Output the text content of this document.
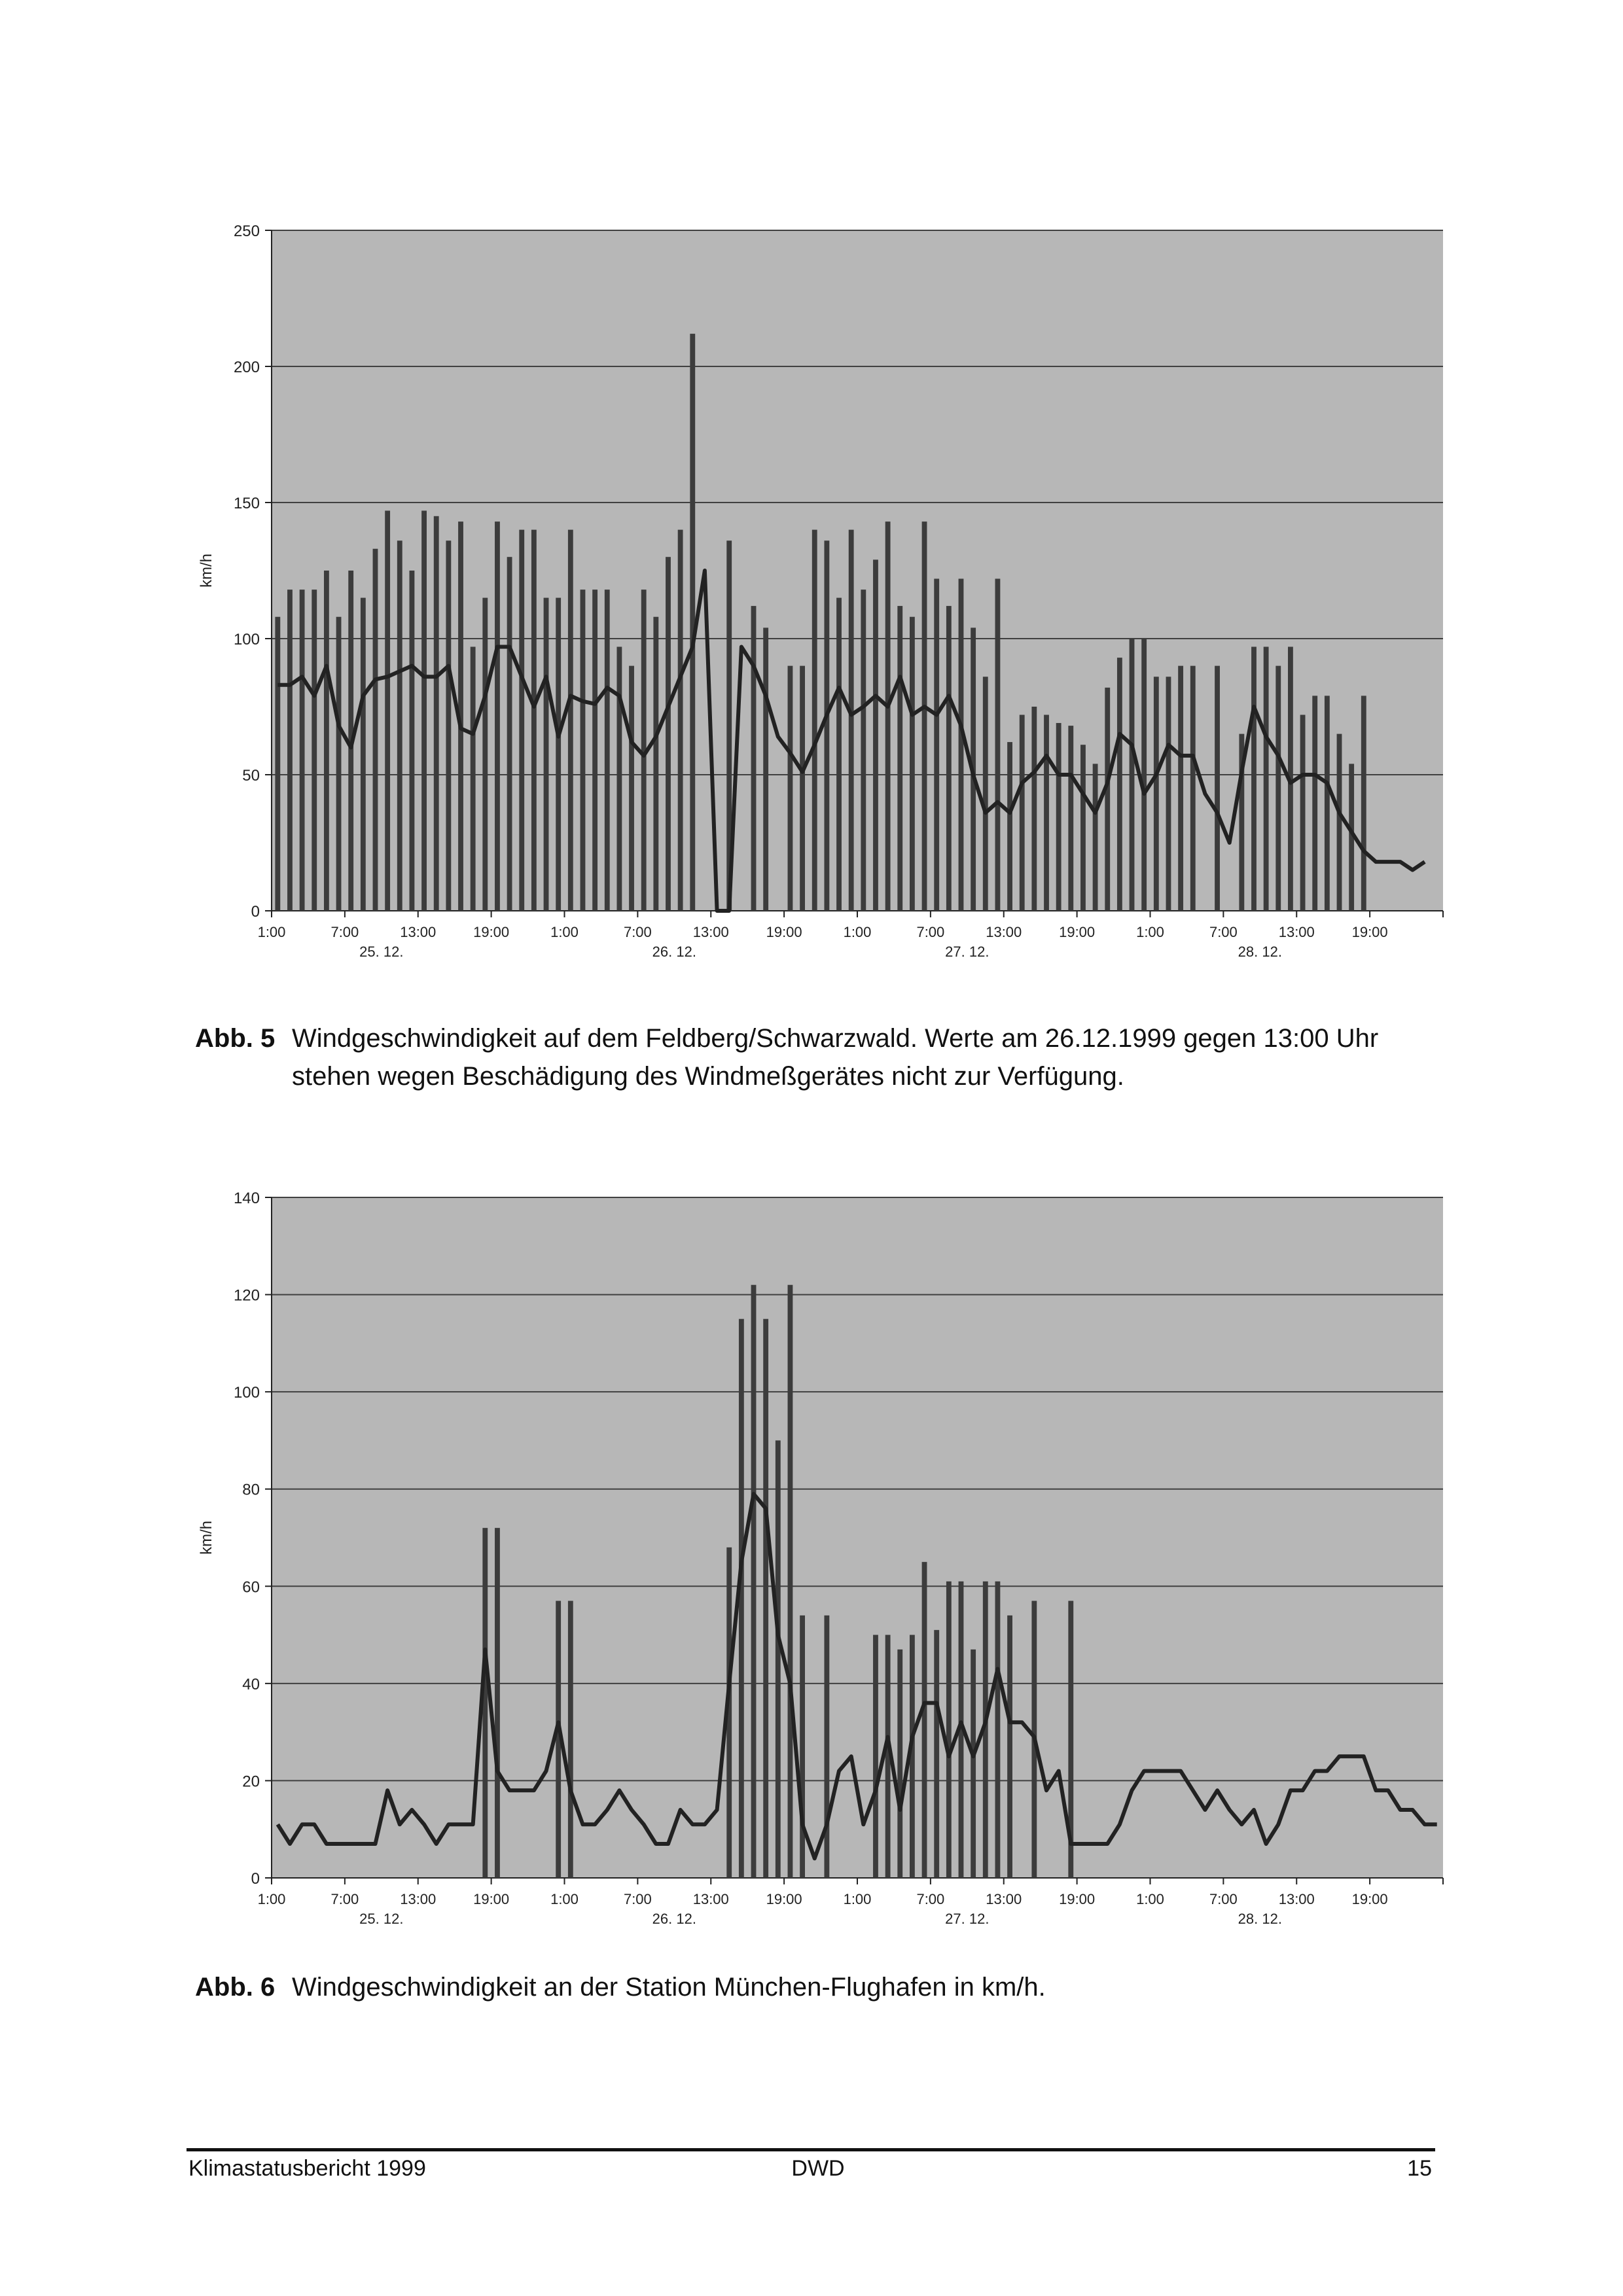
0
50
100
150
200
250
km/h
1:00	7:00	13:00	19:00	1:00	7:00	13:00	19:00	1:00	7:00	13:00	19:00	1:00	7:00	13:00	19:00
25. 12.	26. 12.	27. 12.	28. 12.
0
20
40
60
80
100
120
140
km/h
1:00	7:00	13:00	19:00	1:00	7:00	13:00	19:00	1:00	7:00	13:00	19:00	1:00	7:00	13:00	19:00
25. 12.	26. 12.	27. 12.	28. 12.
Abb. 5 Windgeschwindigkeit auf dem Feldberg/Schwarzwald. Werte am 26.12.1999 gegen 13:00 Uhr stehen wegen Beschädigung des Windmeßgerätes nicht zur Verfügung.
Abb. 6 Windgeschwindigkeit an der Station München-Flughafen in km/h.
Klimastatusbericht 1999	DWD	15
